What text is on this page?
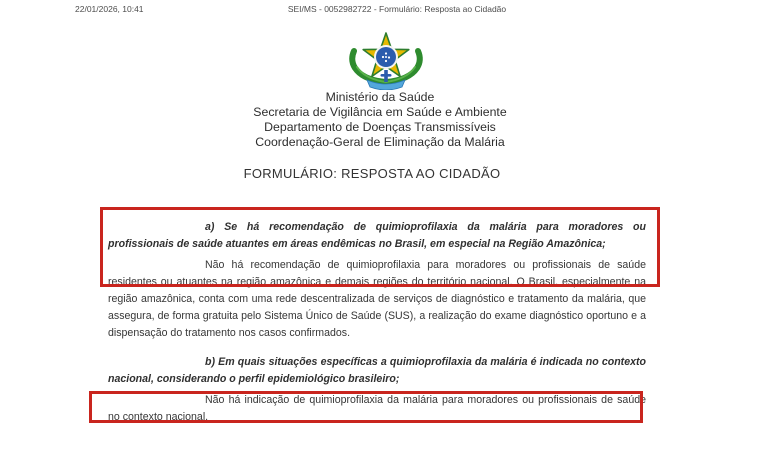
22/01/2026, 10:41	SEI/MS - 0052982722 - Formulário: Resposta ao Cidadão
Ministério da Saúde
Secretaria de Vigilância em Saúde e Ambiente
Departamento de Doenças Transmissíveis
Coordenação-Geral de Eliminação da Malária
FORMULÁRIO: RESPOSTA AO CIDADÃO

a) Se há recomendação de quimioprofilaxia da malária para moradores ou profissionais de saúde atuantes em áreas endêmicas no Brasil, em especial na Região Amazônica;

Não há recomendação de quimioprofilaxia para moradores ou profissionais de saúde residentes ou atuantes na região amazônica e demais regiões do território nacional. O Brasil, especialmente na região amazônica, conta com uma rede descentralizada de serviços de diagnóstico e tratamento da malária, que assegura, de forma gratuita pelo Sistema Único de Saúde (SUS), a realização do exame diagnóstico oportuno e a dispensação do tratamento nos casos confirmados.

b) Em quais situações específicas a quimioprofilaxia da malária é indicada no contexto nacional, considerando o perfil epidemiológico brasileiro;

Não há indicação de quimioprofilaxia da malária para moradores ou profissionais de saúde no contexto nacional.
